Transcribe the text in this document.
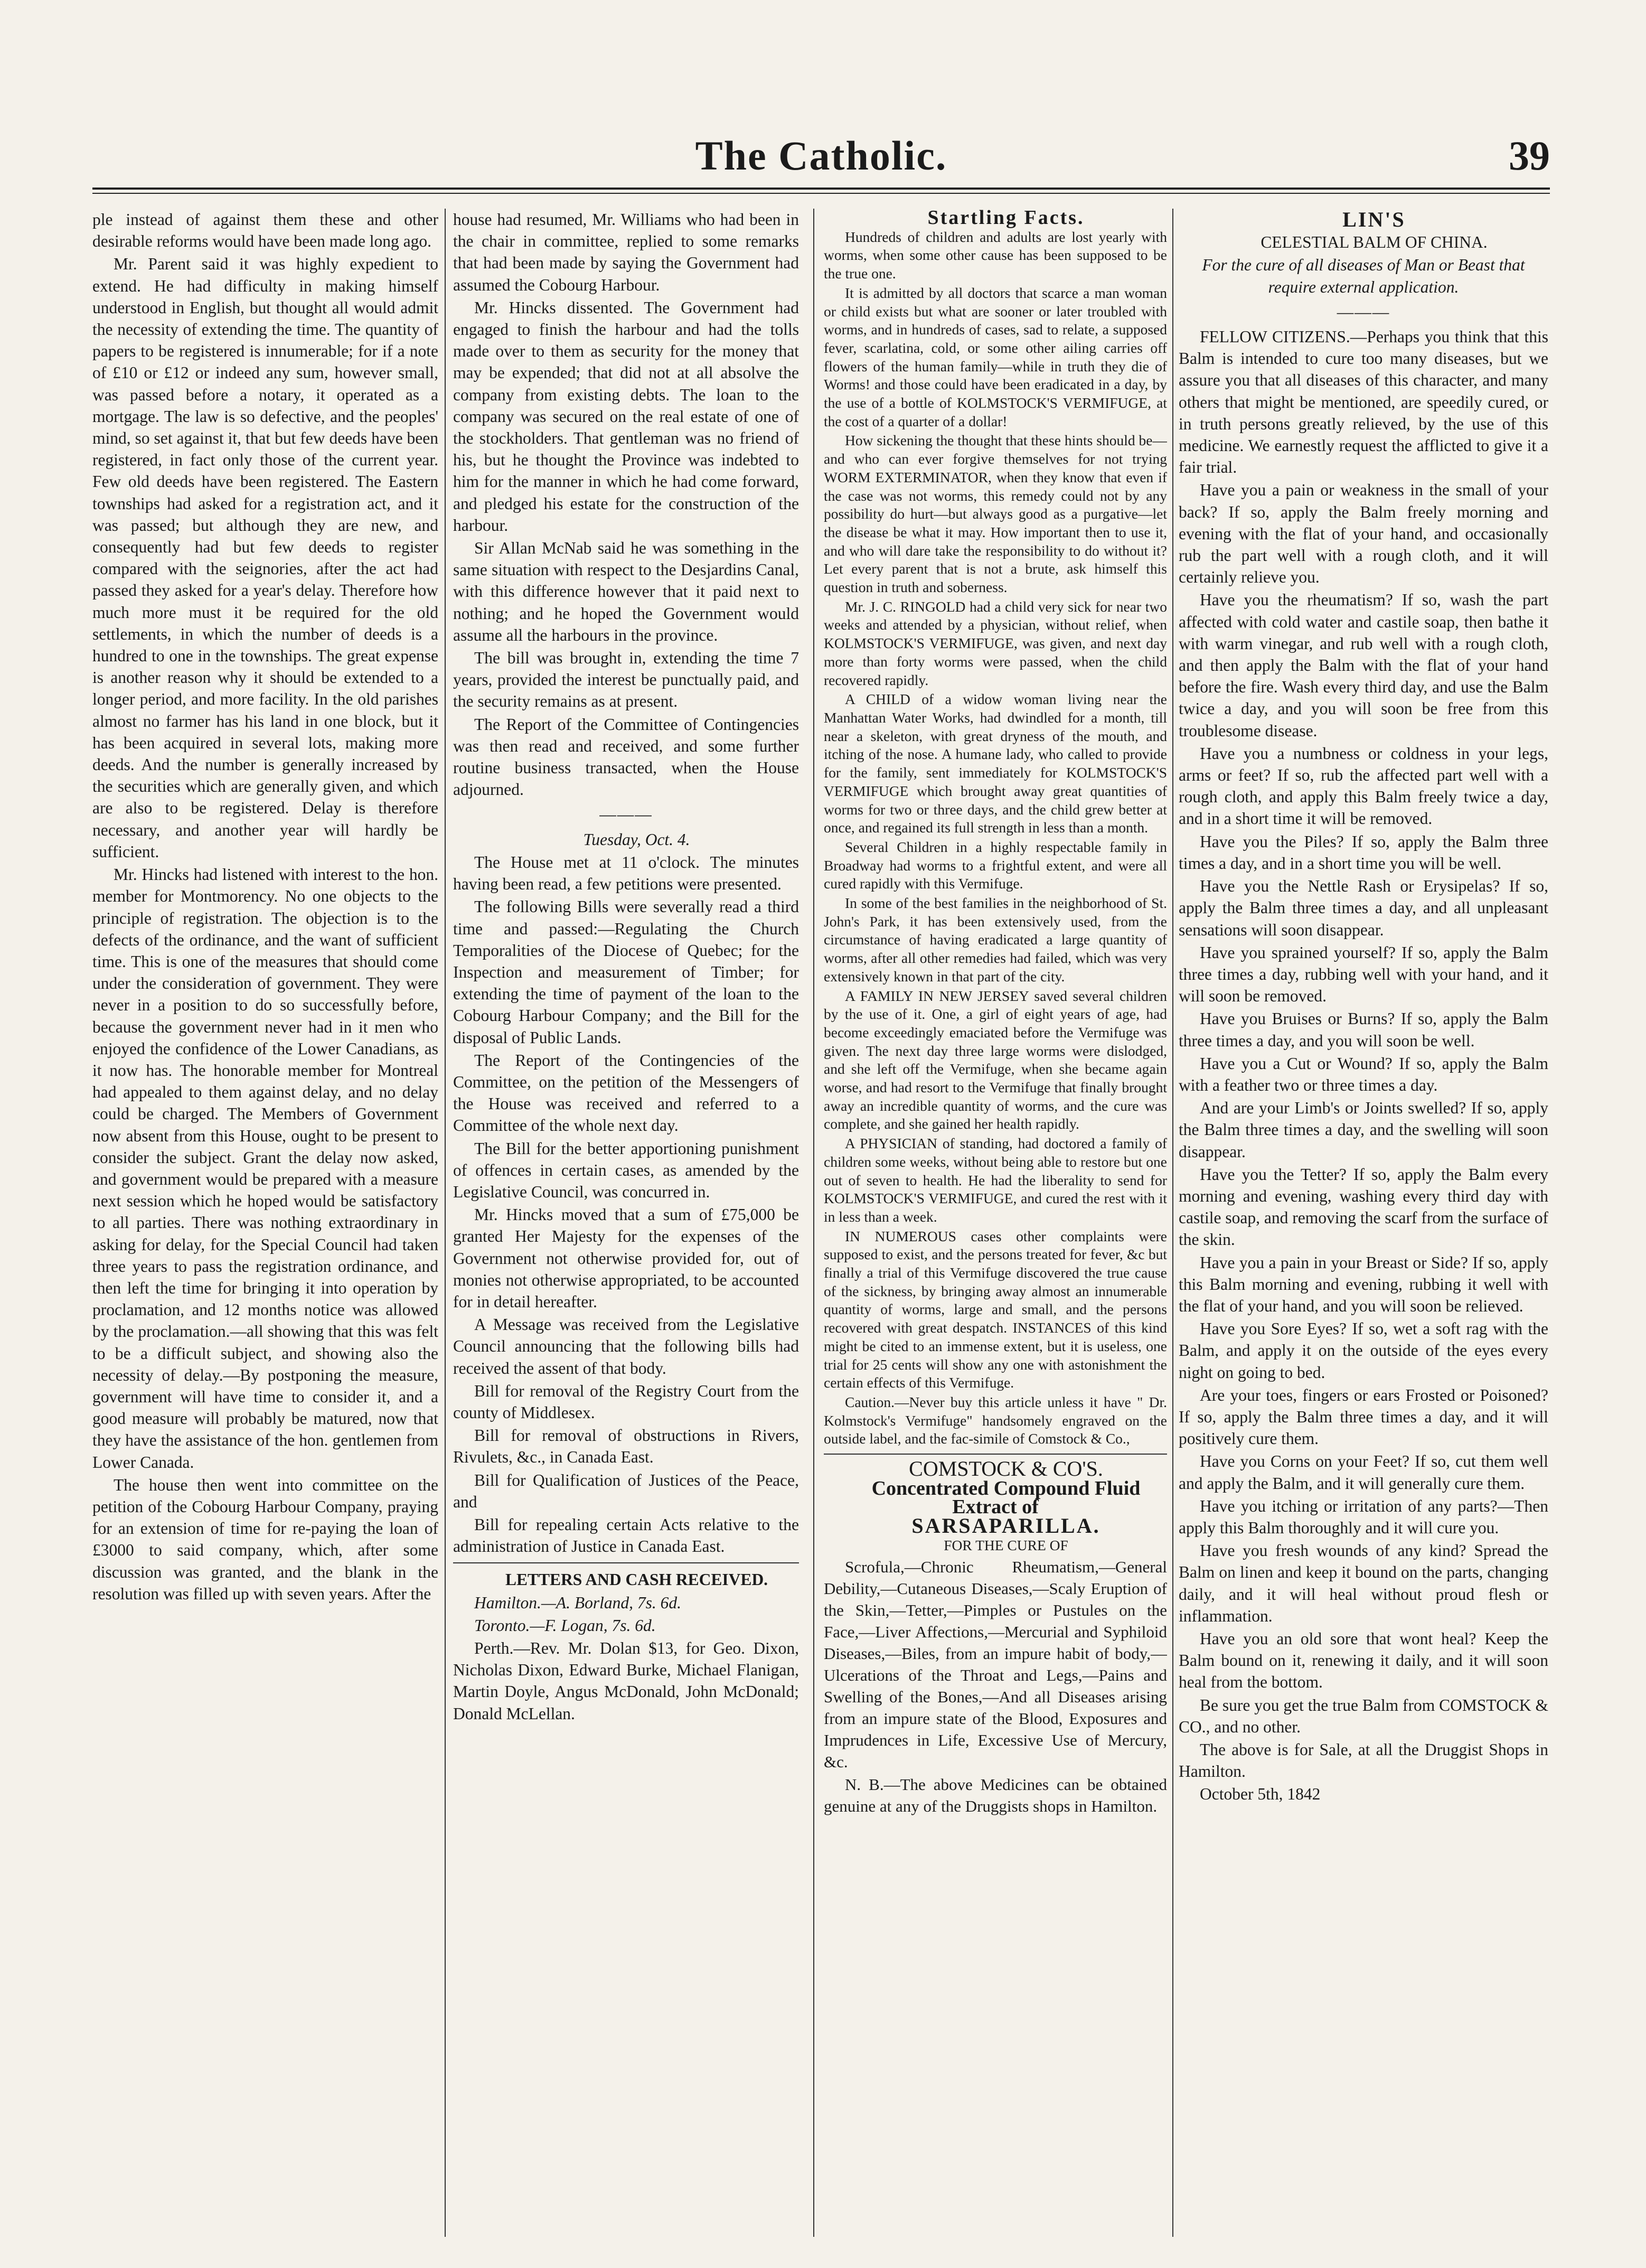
The Catholic.	39

ple instead of against them these and other desirable reforms would have been made long ago.

Mr. Parent said it was highly expedient to extend. He had difficulty in making himself understood in English, but thought all would admit the necessity of extending the time. The quantity of papers to be registered is innumerable; for if a note of £10 or £12 or indeed any sum, however small, was passed before a notary, it operated as a mortgage. The law is so defective, and the peoples' mind, so set against it, that but few deeds have been registered, in fact only those of the current year. Few old deeds have been registered. The Eastern townships had asked for a registration act, and it was passed; but although they are new, and consequently had but few deeds to register compared with the seignories, after the act had passed they asked for a year's delay. Therefore how much more must it be required for the old settlements, in which the number of deeds is a hundred to one in the townships. The great expense is another reason why it should be extended to a longer period, and more facility. In the old parishes almost no farmer has his land in one block, but it has been acquired in several lots, making more deeds. And the number is generally increased by the securities which are generally given, and which are also to be registered. Delay is therefore necessary, and another year will hardly be sufficient.

Mr. Hincks had listened with interest to the hon. member for Montmorency. No one objects to the principle of registration. The objection is to the defects of the ordinance, and the want of sufficient time. This is one of the measures that should come under the consideration of government. They were never in a position to do so successfully before, because the government never had in it men who enjoyed the confidence of the Lower Canadians, as it now has. The honorable member for Montreal had appealed to them against delay, and no delay could be charged. The Members of Government now absent from this House, ought to be present to consider the subject. Grant the delay now asked, and government would be prepared with a measure next session which he hoped would be satisfactory to all parties. There was nothing extraordinary in asking for delay, for the Special Council had taken three years to pass the registration ordinance, and then left the time for bringing it into operation by proclamation, and 12 months notice was allowed by the proclamation.—all showing that this was felt to be a difficult subject, and showing also the necessity of delay.—By postponing the measure, government will have time to consider it, and a good measure will probably be matured, now that they have the assistance of the hon. gentlemen from Lower Canada.

The house then went into committee on the petition of the Cobourg Harbour Company, praying for an extension of time for re-paying the loan of £3000 to said company, which, after some discussion was granted, and the blank in the resolution was filled up with seven years. After the

house had resumed, Mr. Williams who had been in the chair in committee, replied to some remarks that had been made by saying the Government had assumed the Cobourg Harbour.

Mr. Hincks dissented. The Government had engaged to finish the harbour and had the tolls made over to them as security for the money that may be expended; that did not at all absolve the company from existing debts. The loan to the company was secured on the real estate of one of the stockholders. That gentleman was no friend of his, but he thought the Province was indebted to him for the manner in which he had come forward, and pledged his estate for the construction of the harbour.

Sir Allan McNab said he was something in the same situation with respect to the Desjardins Canal, with this difference however that it paid next to nothing; and he hoped the Government would assume all the harbours in the province.

The bill was brought in, extending the time 7 years, provided the interest be punctually paid, and the security remains as at present.

The Report of the Committee of Contingencies was then read and received, and some further routine business transacted, when the House adjourned.

———

Tuesday, Oct. 4.

The House met at 11 o'clock. The minutes having been read, a few petitions were presented.

The following Bills were severally read a third time and passed:—Regulating the Church Temporalities of the Diocese of Quebec; for the Inspection and measurement of Timber; for extending the time of payment of the loan to the Cobourg Harbour Company; and the Bill for the disposal of Public Lands.

The Report of the Contingencies of the Committee, on the petition of the Messengers of the House was received and referred to a Committee of the whole next day.

The Bill for the better apportioning punishment of offences in certain cases, as amended by the Legislative Council, was concurred in.

Mr. Hincks moved that a sum of £75,000 be granted Her Majesty for the expenses of the Government not otherwise provided for, out of monies not otherwise appropriated, to be accounted for in detail hereafter.

A Message was received from the Legislative Council announcing that the following bills had received the assent of that body.

Bill for removal of the Registry Court from the county of Middlesex.

Bill for removal of obstructions in Rivers, Rivulets, &c., in Canada East.

Bill for Qualification of Justices of the Peace, and

Bill for repealing certain Acts relative to the administration of Justice in Canada East.

LETTERS AND CASH RECEIVED.

Hamilton.—A. Borland, 7s. 6d.

Toronto.—F. Logan, 7s. 6d.

Perth.—Rev. Mr. Dolan $13, for Geo. Dixon, Nicholas Dixon, Edward Burke, Michael Flanigan, Martin Doyle, Angus McDonald, John McDonald; Donald McLellan.

Startling Facts.

Hundreds of children and adults are lost yearly with worms, when some other cause has been supposed to be the true one.

It is admitted by all doctors that scarce a man woman or child exists but what are sooner or later troubled with worms, and in hundreds of cases, sad to relate, a supposed fever, scarlatina, cold, or some other ailing carries off flowers of the human family—while in truth they die of Worms! and those could have been eradicated in a day, by the use of a bottle of KOLMSTOCK'S VERMIFUGE, at the cost of a quarter of a dollar!

How sickening the thought that these hints should be—and who can ever forgive themselves for not trying WORM EXTERMINATOR, when they know that even if the case was not worms, this remedy could not by any possibility do hurt—but always good as a purgative—let the disease be what it may. How important then to use it, and who will dare take the responsibility to do without it? Let every parent that is not a brute, ask himself this question in truth and soberness.

Mr. J. C. RINGOLD had a child very sick for near two weeks and attended by a physician, without relief, when KOLMSTOCK'S VERMIFUGE, was given, and next day more than forty worms were passed, when the child recovered rapidly.

A CHILD of a widow woman living near the Manhattan Water Works, had dwindled for a month, till near a skeleton, with great dryness of the mouth, and itching of the nose. A humane lady, who called to provide for the family, sent immediately for KOLMSTOCK'S VERMIFUGE which brought away great quantities of worms for two or three days, and the child grew better at once, and regained its full strength in less than a month.

Several Children in a highly respectable family in Broadway had worms to a frightful extent, and were all cured rapidly with this Vermifuge.

In some of the best families in the neighborhood of St. John's Park, it has been extensively used, from the circumstance of having eradicated a large quantity of worms, after all other remedies had failed, which was very extensively known in that part of the city.

A FAMILY IN NEW JERSEY saved several children by the use of it. One, a girl of eight years of age, had become exceedingly emaciated before the Vermifuge was given. The next day three large worms were dislodged, and she left off the Vermifuge, when she became again worse, and had resort to the Vermifuge that finally brought away an incredible quantity of worms, and the cure was complete, and she gained her health rapidly.

A PHYSICIAN of standing, had doctored a family of children some weeks, without being able to restore but one out of seven to health. He had the liberality to send for KOLMSTOCK'S VERMIFUGE, and cured the rest with it in less than a week.

IN NUMEROUS cases other complaints were supposed to exist, and the persons treated for fever, &c but finally a trial of this Vermifuge discovered the true cause of the sickness, by bringing away almost an innumerable quantity of worms, large and small, and the persons recovered with great despatch. INSTANCES of this kind might be cited to an immense extent, but it is useless, one trial for 25 cents will show any one with astonishment the certain effects of this Vermifuge.

Caution.—Never buy this article unless it have " Dr. Kolmstock's Vermifuge" handsomely engraved on the outside label, and the fac-simile of Comstock & Co.,

COMSTOCK & CO'S.

Concentrated Compound Fluid Extract of

SARSAPARILLA.

FOR THE CURE OF

Scrofula,—Chronic Rheumatism,—General Debility,—Cutaneous Diseases,—Scaly Eruption of the Skin,—Tetter,—Pimples or Pustules on the Face,—Liver Affections,—Mercurial and Syphiloid Diseases,—Biles, from an impure habit of body,—Ulcerations of the Throat and Legs,—Pains and Swelling of the Bones,—And all Diseases arising from an impure state of the Blood, Exposures and Imprudences in Life, Excessive Use of Mercury, &c.

N. B.—The above Medicines can be obtained genuine at any of the Druggists shops in Hamilton.

LIN'S

CELESTIAL BALM OF CHINA.

For the cure of all diseases of Man or Beast that require external application.

———

FELLOW CITIZENS.—Perhaps you think that this Balm is intended to cure too many diseases, but we assure you that all diseases of this character, and many others that might be mentioned, are speedily cured, or in truth persons greatly relieved, by the use of this medicine. We earnestly request the afflicted to give it a fair trial.

Have you a pain or weakness in the small of your back? If so, apply the Balm freely morning and evening with the flat of your hand, and occasionally rub the part well with a rough cloth, and it will certainly relieve you.

Have you the rheumatism? If so, wash the part affected with cold water and castile soap, then bathe it with warm vinegar, and rub well with a rough cloth, and then apply the Balm with the flat of your hand before the fire. Wash every third day, and use the Balm twice a day, and you will soon be free from this troublesome disease.

Have you a numbness or coldness in your legs, arms or feet? If so, rub the affected part well with a rough cloth, and apply this Balm freely twice a day, and in a short time it will be removed.

Have you the Piles? If so, apply the Balm three times a day, and in a short time you will be well.

Have you the Nettle Rash or Erysipelas? If so, apply the Balm three times a day, and all unpleasant sensations will soon disappear.

Have you sprained yourself? If so, apply the Balm three times a day, rubbing well with your hand, and it will soon be removed.

Have you Bruises or Burns? If so, apply the Balm three times a day, and you will soon be well.

Have you a Cut or Wound? If so, apply the Balm with a feather two or three times a day.

And are your Limb's or Joints swelled? If so, apply the Balm three times a day, and the swelling will soon disappear.

Have you the Tetter? If so, apply the Balm every morning and evening, washing every third day with castile soap, and removing the scarf from the surface of the skin.

Have you a pain in your Breast or Side? If so, apply this Balm morning and evening, rubbing it well with the flat of your hand, and you will soon be relieved.

Have you Sore Eyes? If so, wet a soft rag with the Balm, and apply it on the outside of the eyes every night on going to bed.

Are your toes, fingers or ears Frosted or Poisoned? If so, apply the Balm three times a day, and it will positively cure them.

Have you Corns on your Feet? If so, cut them well and apply the Balm, and it will generally cure them.

Have you itching or irritation of any parts?—Then apply this Balm thoroughly and it will cure you.

Have you fresh wounds of any kind? Spread the Balm on linen and keep it bound on the parts, changing daily, and it will heal without proud flesh or inflammation.

Have you an old sore that wont heal? Keep the Balm bound on it, renewing it daily, and it will soon heal from the bottom.

Be sure you get the true Balm from COMSTOCK & CO., and no other.

The above is for Sale, at all the Druggist Shops in Hamilton.

October 5th, 1842
